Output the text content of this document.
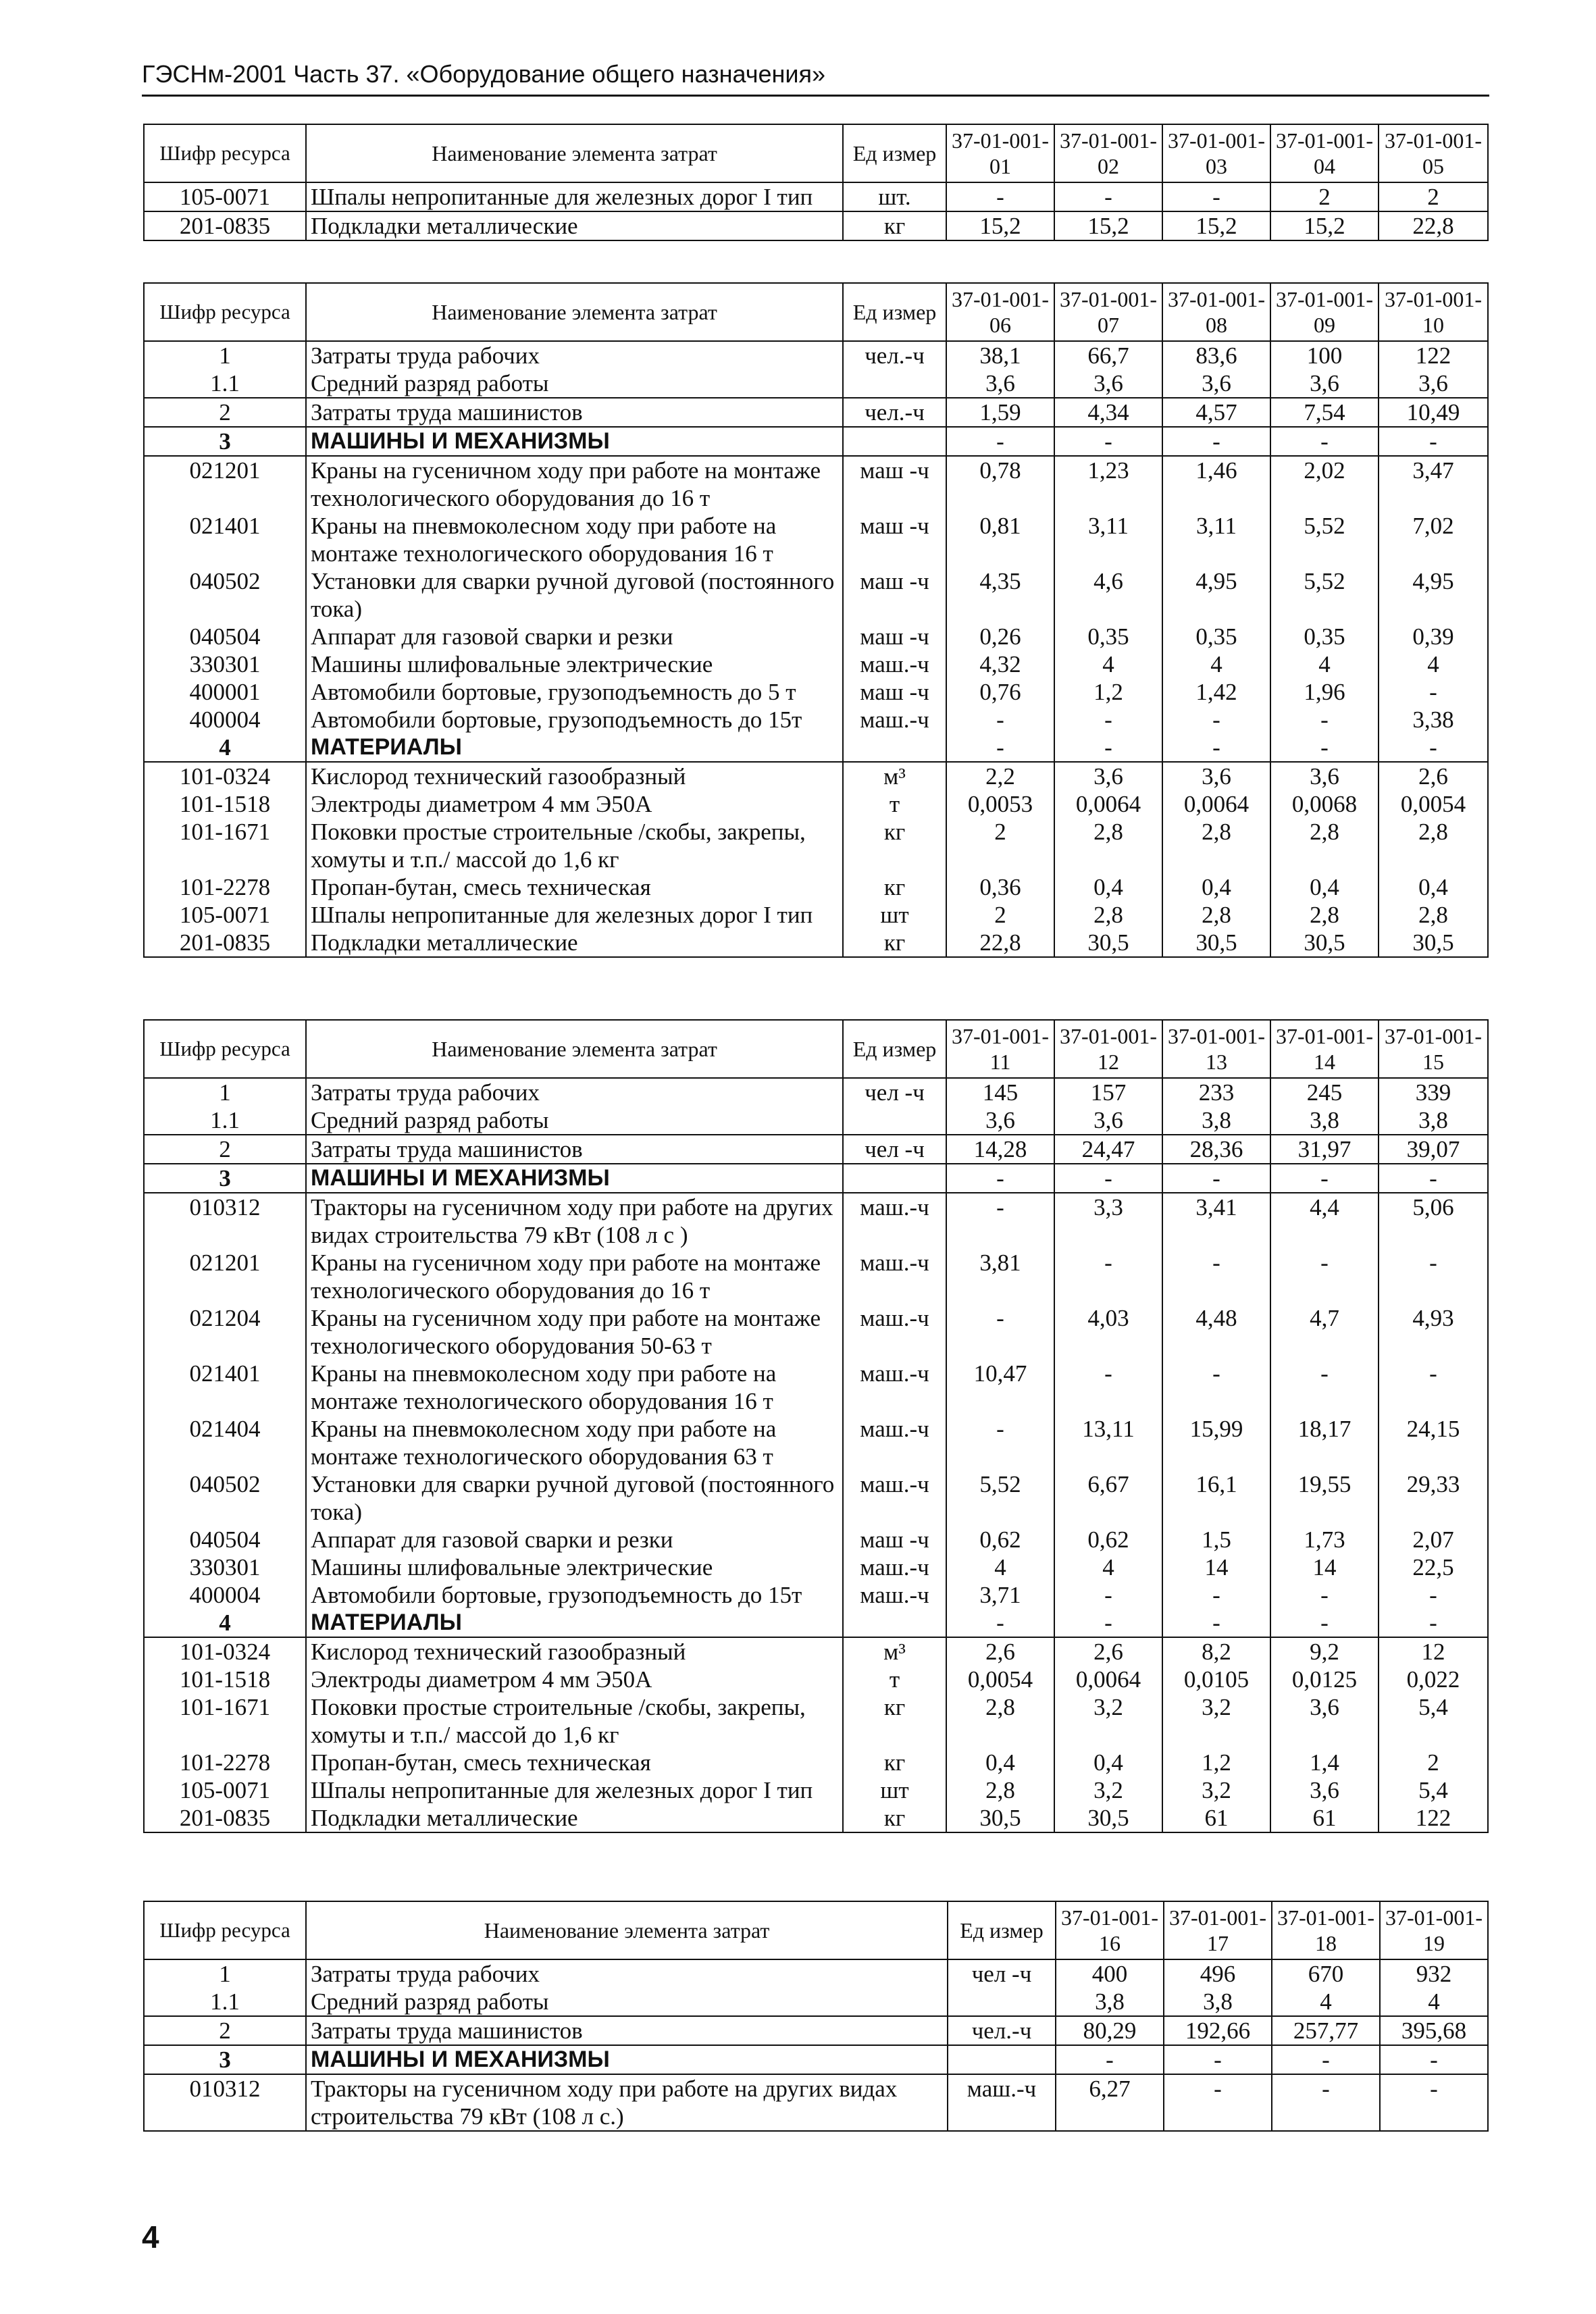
ГЭСНм-2001 Часть 37. «Оборудование общего назначения»
Шифр ресурса	Наименование элемента затрат	Ед измер	37-01-001-01	37-01-001-02	37-01-001-03	37-01-001-04	37-01-001-05
105-0071	Шпалы непропитанные для железных дорог I тип	шт.	-	-	-	2	2
201-0835	Подкладки металлические	кг	15,2	15,2	15,2	15,2	22,8
Шифр ресурса	Наименование элемента затрат	Ед измер	37-01-001-06	37-01-001-07	37-01-001-08	37-01-001-09	37-01-001-10
1	Затраты труда рабочих	чел.-ч	38,1	66,7	83,6	100	122
1.1	Средний разряд работы		3,6	3,6	3,6	3,6	3,6
2	Затраты труда машинистов	чел.-ч	1,59	4,34	4,57	7,54	10,49
3	МАШИНЫ И МЕХАНИЗМЫ		-	-	-	-	-
021201	Краны на гусеничном ходу при работе на монтаже технологического оборудования до 16 т	маш -ч	0,78	1,23	1,46	2,02	3,47
021401	Краны на пневмоколесном ходу при работе на монтаже технологического оборудования 16 т	маш -ч	0,81	3,11	3,11	5,52	7,02
040502	Установки для сварки ручной дуговой (постоянного тока)	маш -ч	4,35	4,6	4,95	5,52	4,95
040504	Аппарат для газовой сварки и резки	маш -ч	0,26	0,35	0,35	0,35	0,39
330301	Машины шлифовальные электрические	маш.-ч	4,32	4	4	4	4
400001	Автомобили бортовые, грузоподъемность до 5 т	маш -ч	0,76	1,2	1,42	1,96	-
400004	Автомобили бортовые, грузоподъемность до 15т	маш.-ч	-	-	-	-	3,38
4	МАТЕРИАЛЫ		-	-	-	-	-
101-0324	Кислород технический газообразный	м³	2,2	3,6	3,6	3,6	2,6
101-1518	Электроды диаметром 4 мм Э50А	т	0,0053	0,0064	0,0064	0,0068	0,0054
101-1671	Поковки простые строительные /скобы, закрепы, хомуты и т.п./ массой до 1,6 кг	кг	2	2,8	2,8	2,8	2,8
101-2278	Пропан-бутан, смесь техническая	кг	0,36	0,4	0,4	0,4	0,4
105-0071	Шпалы непропитанные для железных дорог I тип	шт	2	2,8	2,8	2,8	2,8
201-0835	Подкладки металлические	кг	22,8	30,5	30,5	30,5	30,5
Шифр ресурса	Наименование элемента затрат	Ед измер	37-01-001-11	37-01-001-12	37-01-001-13	37-01-001-14	37-01-001-15
1	Затраты труда рабочих	чел -ч	145	157	233	245	339
1.1	Средний разряд работы		3,6	3,6	3,8	3,8	3,8
2	Затраты труда машинистов	чел -ч	14,28	24,47	28,36	31,97	39,07
3	МАШИНЫ И МЕХАНИЗМЫ		-	-	-	-	-
010312	Тракторы на гусеничном ходу при работе на других видах строительства 79 кВт (108 л с )	маш.-ч	-	3,3	3,41	4,4	5,06
021201	Краны на гусеничном ходу при работе на монтаже технологического оборудования до 16 т	маш.-ч	3,81	-	-	-	-
021204	Краны на гусеничном ходу при работе на монтаже технологического оборудования 50-63 т	маш.-ч	-	4,03	4,48	4,7	4,93
021401	Краны на пневмоколесном ходу при работе на монтаже технологического оборудования 16 т	маш.-ч	10,47	-	-	-	-
021404	Краны на пневмоколесном ходу при работе на монтаже технологического оборудования 63 т	маш.-ч	-	13,11	15,99	18,17	24,15
040502	Установки для сварки ручной дуговой (постоянного тока)	маш.-ч	5,52	6,67	16,1	19,55	29,33
040504	Аппарат для газовой сварки и резки	маш -ч	0,62	0,62	1,5	1,73	2,07
330301	Машины шлифовальные электрические	маш.-ч	4	4	14	14	22,5
400004	Автомобили бортовые, грузоподъемность до 15т	маш.-ч	3,71	-	-	-	-
4	МАТЕРИАЛЫ		-	-	-	-	-
101-0324	Кислород технический газообразный	м³	2,6	2,6	8,2	9,2	12
101-1518	Электроды диаметром 4 мм Э50А	т	0,0054	0,0064	0,0105	0,0125	0,022
101-1671	Поковки простые строительные /скобы, закрепы, хомуты и т.п./ массой до 1,6 кг	кг	2,8	3,2	3,2	3,6	5,4
101-2278	Пропан-бутан, смесь техническая	кг	0,4	0,4	1,2	1,4	2
105-0071	Шпалы непропитанные для железных дорог I тип	шт	2,8	3,2	3,2	3,6	5,4
201-0835	Подкладки металлические	кг	30,5	30,5	61	61	122
Шифр ресурса	Наименование элемента затрат	Ед измер	37-01-001-16	37-01-001-17	37-01-001-18	37-01-001-19
1	Затраты труда рабочих	чел -ч	400	496	670	932
1.1	Средний разряд работы		3,8	3,8	4	4
2	Затраты труда машинистов	чел.-ч	80,29	192,66	257,77	395,68
3	МАШИНЫ И МЕХАНИЗМЫ		-	-	-	-
010312	Тракторы на гусеничном ходу при работе на других видах строительства 79 кВт (108 л с.)	маш.-ч	6,27	-	-	-
4
